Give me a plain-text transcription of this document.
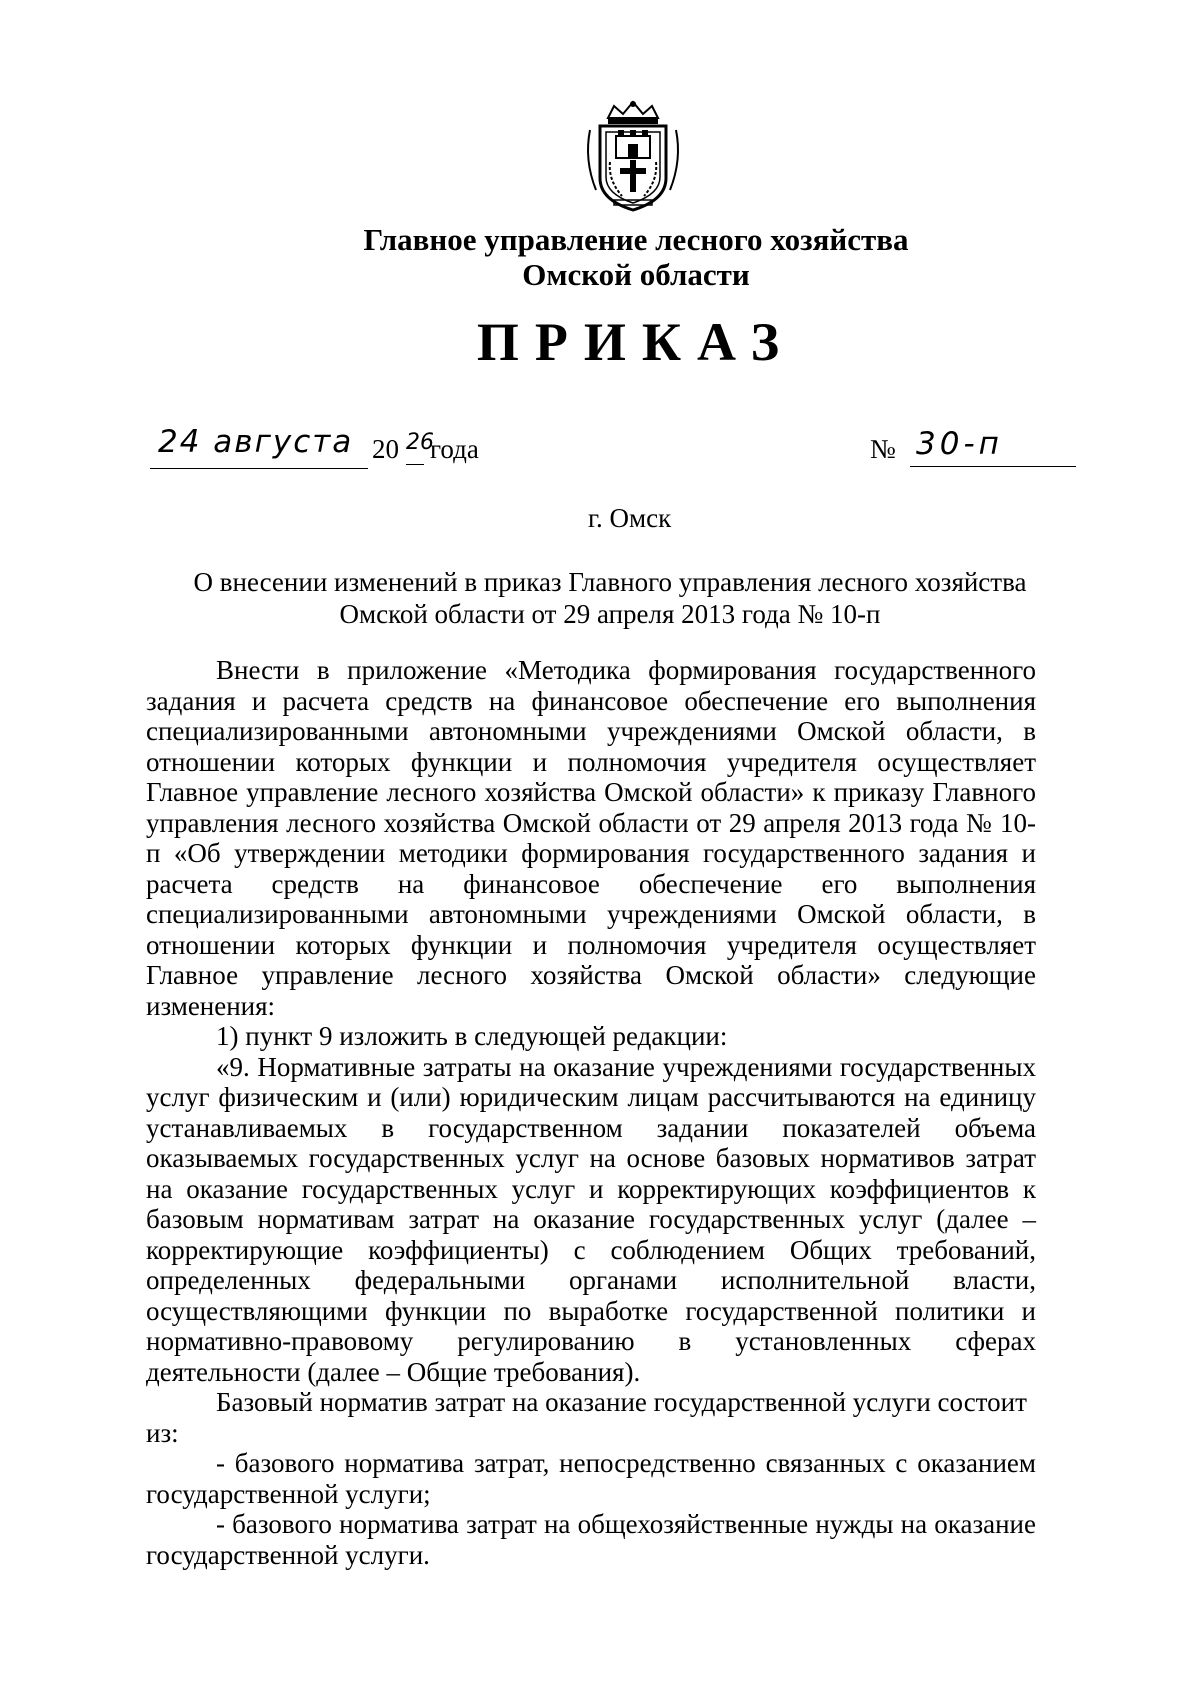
Главное управление лесного хозяйства
Омской области
ПРИКАЗ
24 августа 20 26
года	№ 30-п
г. Омск
О внесении изменений в приказ Главного управления лесного хозяйства
Омской области от 29 апреля 2013 года № 10-п

Внести в приложение «Методика формирования государственного задания и расчета средств на финансовое обеспечение его выполнения специализированными автономными учреждениями Омской области, в отношении которых функции и полномочия учредителя осуществляет Главное управление лесного хозяйства Омской области» к приказу Главного управления лесного хозяйства Омской области от 29 апреля 2013 года № 10-п «Об утверждении методики формирования государственного задания и расчета средств на финансовое обеспечение его выполнения специализированными автономными учреждениями Омской области, в отношении которых функции и полномочия учредителя осуществляет Главное управление лесного хозяйства Омской области» следующие изменения:

1) пункт 9 изложить в следующей редакции:

«9. Нормативные затраты на оказание учреждениями государственных услуг физическим и (или) юридическим лицам рассчитываются на единицу устанавливаемых в государственном задании показателей объема оказываемых государственных услуг на основе базовых нормативов затрат на оказание государственных услуг и корректирующих коэффициентов к базовым нормативам затрат на оказание государственных услуг (далее – корректирующие коэффициенты) с соблюдением Общих требований, определенных федеральными органами исполнительной власти, осуществляющими функции по выработке государственной политики и нормативно-правовому регулированию в установленных сферах деятельности (далее – Общие требования).

Базовый норматив затрат на оказание государственной услуги состоит из:

- базового норматива затрат, непосредственно связанных с оказанием государственной услуги;

- базового норматива затрат на общехозяйственные нужды на оказание государственной услуги.
